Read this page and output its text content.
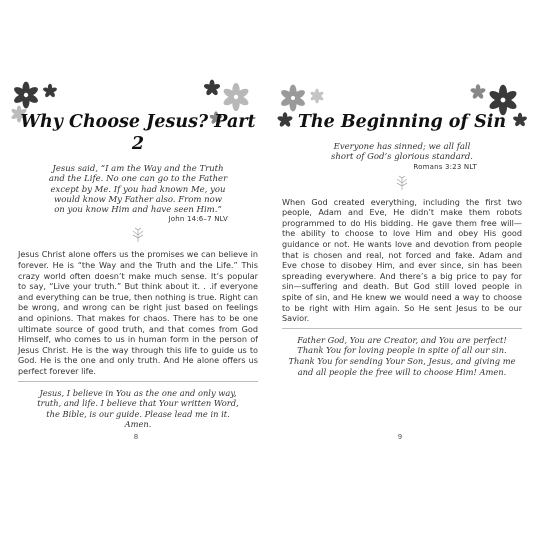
Why Choose Jesus? Part 2
Jesus said, “I am the Way and the Truth and the Life. No one can go to the Father except by Me. If you had known Me, you would know My Father also. From now on you know Him and have seen Him.”
John 14:6–7 NLV
Jesus Christ alone offers us the promises we can believe in forever. He is “the Way and the Truth and the Life.” This crazy world often doesn’t make much sense. It’s popular to say, “Live your truth.” But think about it. . .if everyone and everything can be true, then nothing is true. Right can be wrong, and wrong can be right just based on feelings and opinions. That makes for chaos. There has to be one ultimate source of good truth, and that comes from God Himself, who comes to us in human form in the person of Jesus Christ. He is the way through this life to guide us to God. He is the one and only truth. And He alone offers us perfect forever life.
Jesus, I believe in You as the one and only way, truth, and life. I believe that Your written Word, the Bible, is our guide. Please lead me in it. Amen.
The Beginning of Sin
Everyone has sinned; we all fall short of God’s glorious standard.
Romans 3:23 NLT
When God created everything, including the first two people, Adam and Eve, He didn’t make them robots programmed to do His bidding. He gave them free will—the ability to choose to love Him and obey His good guidance or not. He wants love and devotion from people that is chosen and real, not forced and fake. Adam and Eve chose to disobey Him, and ever since, sin has been spreading everywhere. And there’s a big price to pay for sin—suffering and death. But God still loved people in spite of sin, and He knew we would need a way to choose to be right with Him again. So He sent Jesus to be our Savior.
Father God, You are Creator, and You are perfect! Thank You for loving people in spite of all our sin. Thank You for sending Your Son, Jesus, and giving me and all people the free will to choose Him! Amen.
8	9
